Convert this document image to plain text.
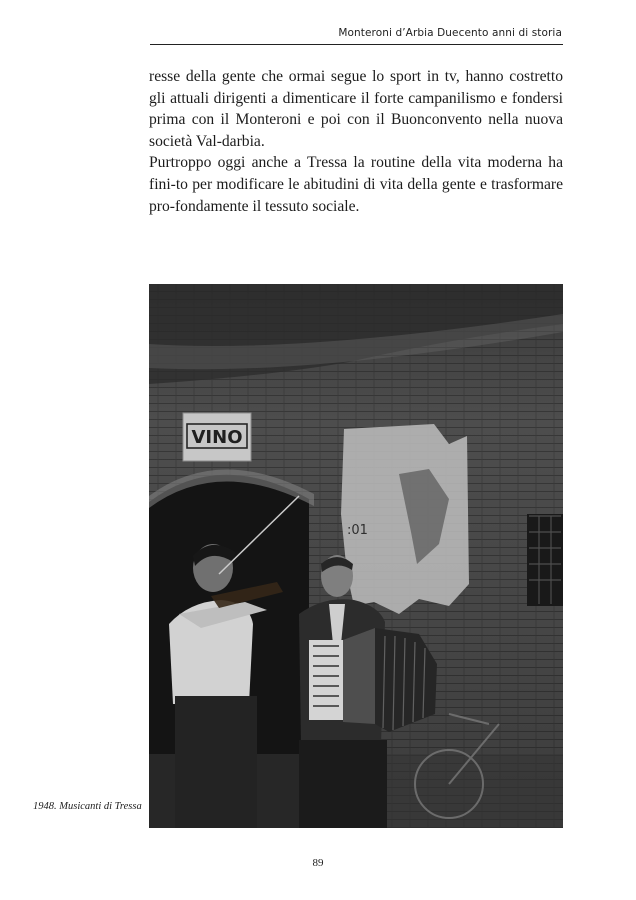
Monteroni d’Arbia Duecento anni di storia

resse della gente che ormai segue lo sport in tv, hanno costretto gli attuali dirigenti a dimenticare il forte campanilismo e fondersi prima con il Monteroni e poi con il Buonconvento nella nuova società Val-darbia.

Purtroppo oggi anche a Tressa la routine della vita moderna ha fini-to per modificare le abitudini di vita della gente e trasformare pro-fondamente il tessuto sociale.

:01
VINO
1948. Musicanti di Tressa
89
